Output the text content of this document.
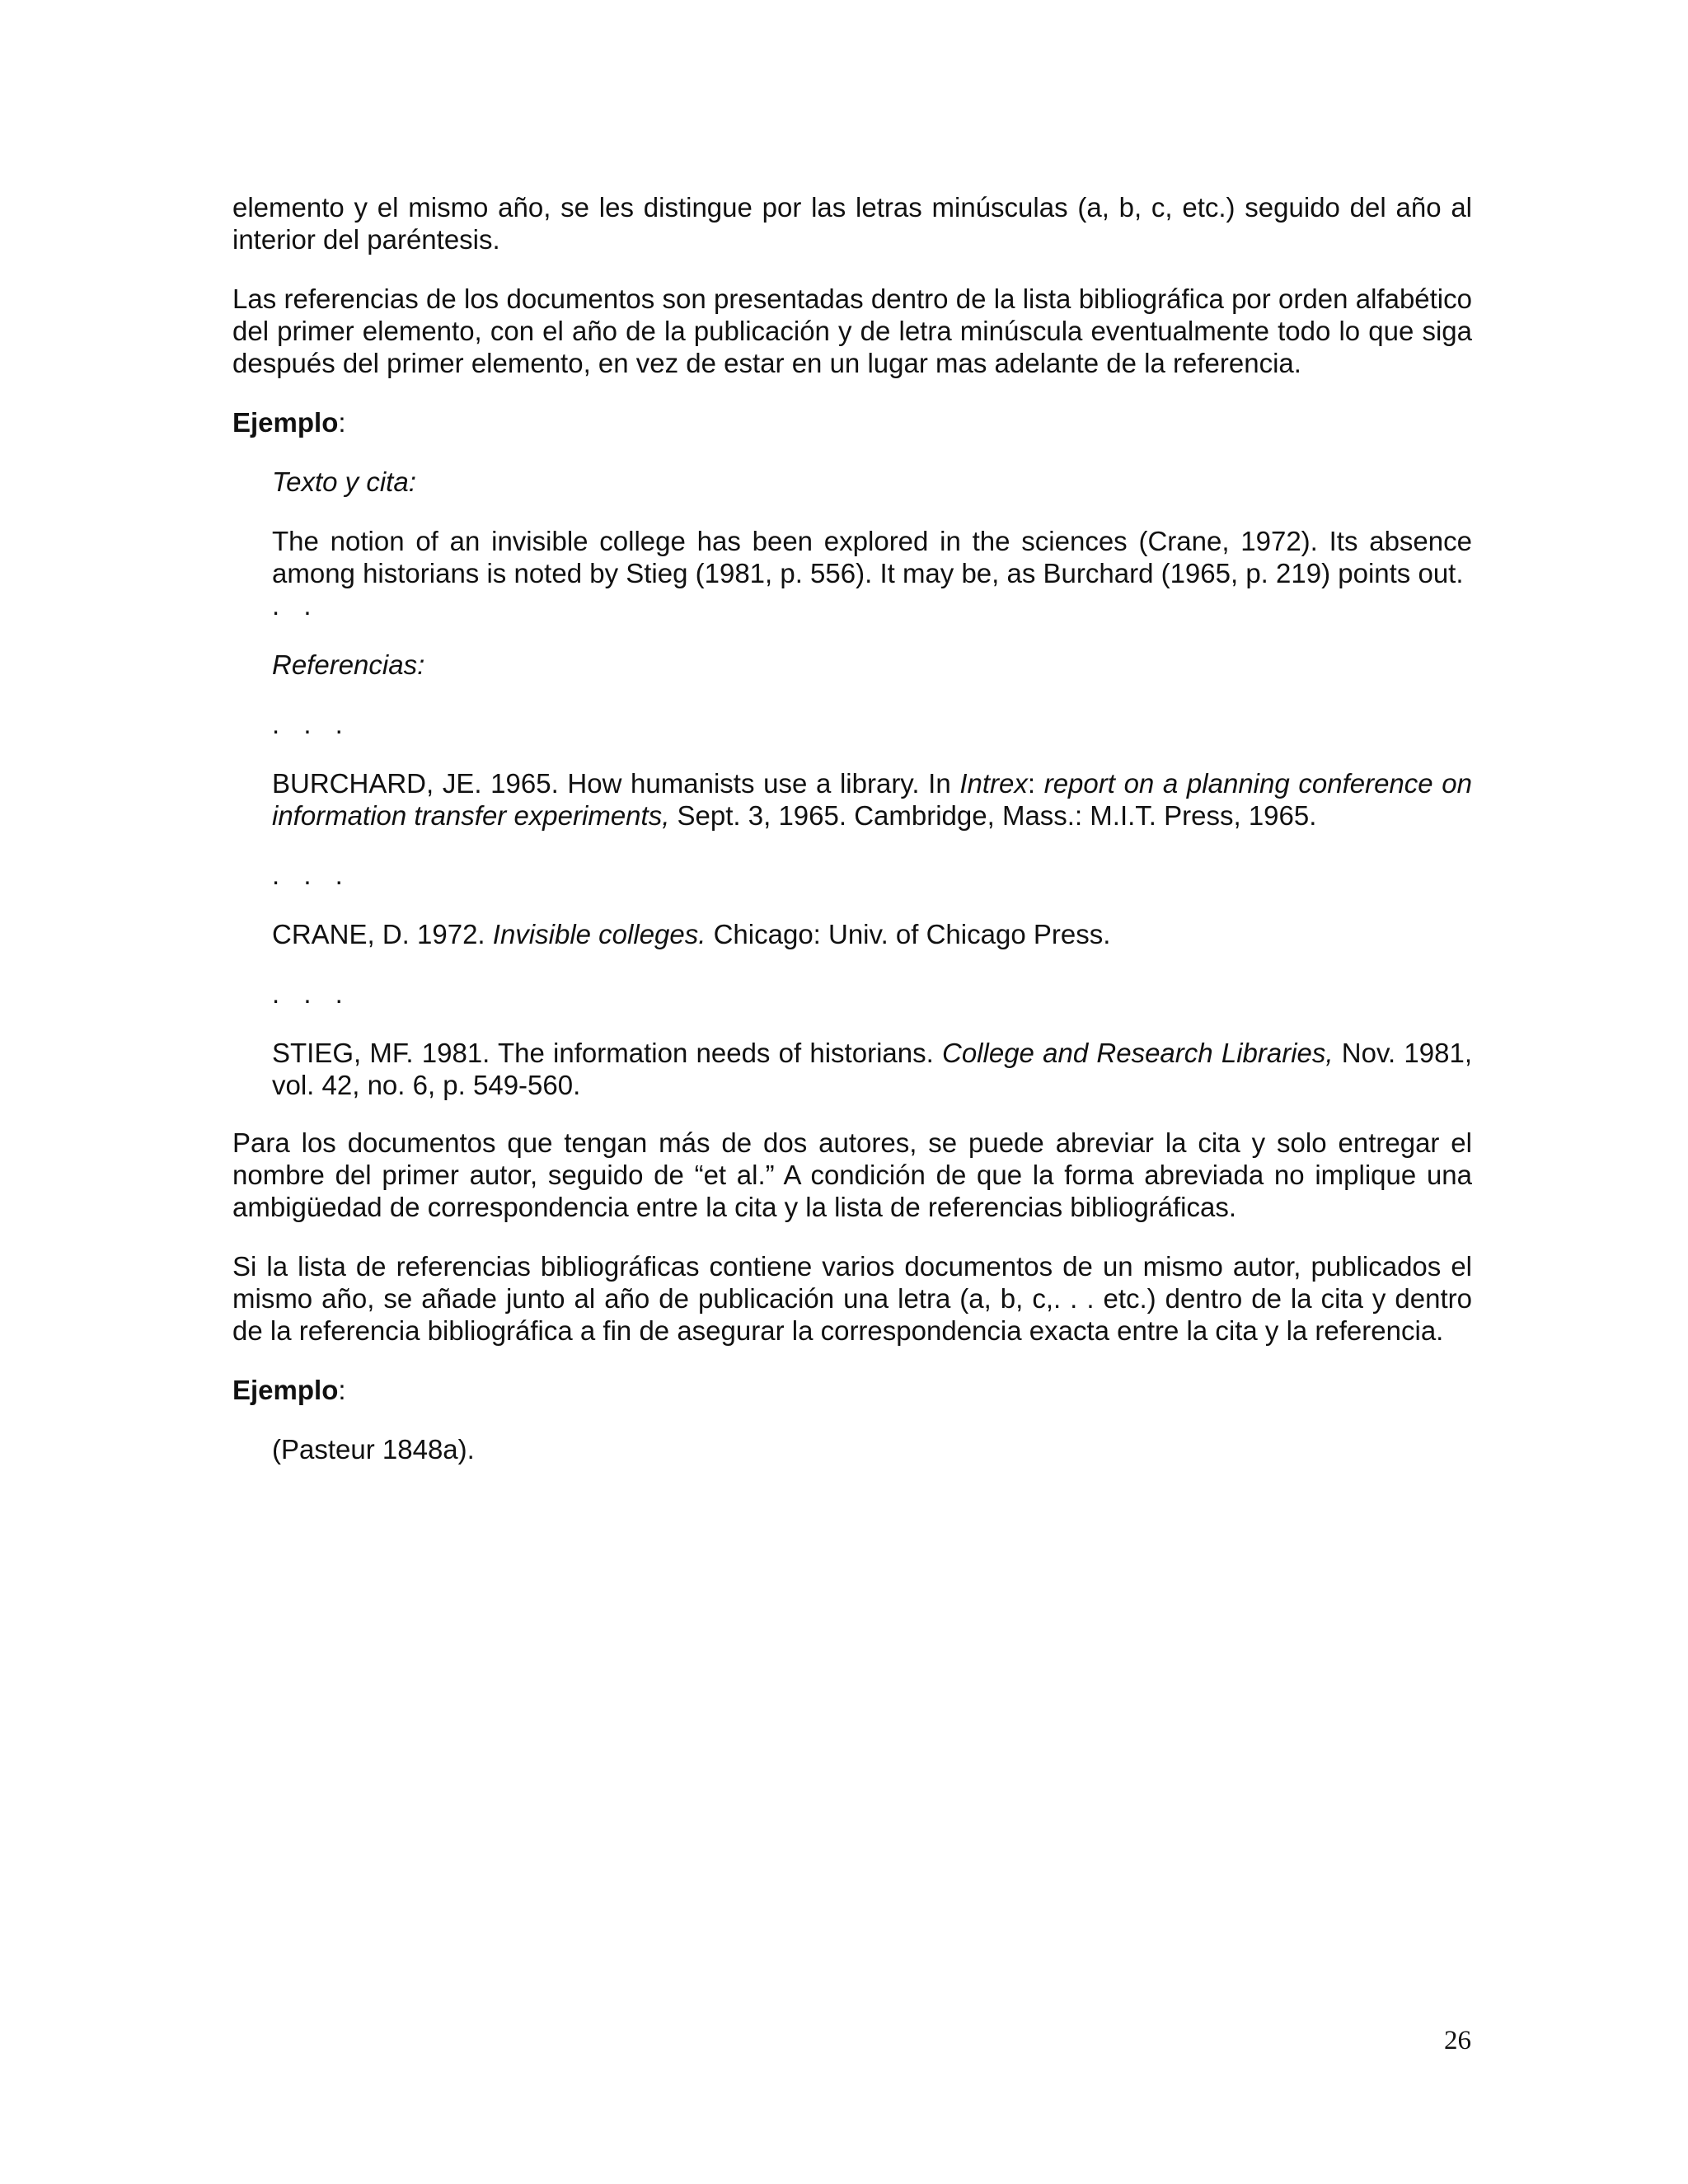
elemento y el mismo año, se les distingue por las letras minúsculas (a, b, c, etc.) seguido del año al interior del paréntesis.

Las referencias de los documentos son presentadas dentro de la lista bibliográfica por orden alfabético del primer elemento, con el año de la publicación y de letra minúscula eventualmente todo lo que siga después del primer elemento, en vez de estar en un lugar mas adelante de la referencia.

Ejemplo:

Texto y cita:

The notion of an invisible college has been explored in the sciences (Crane, 1972). Its absence among historians is noted by Stieg (1981, p. 556). It may be, as Burchard (1965, p. 219) points out.
. .

Referencias:

. . .

BURCHARD, JE. 1965. How humanists use a library. In Intrex: report on a planning conference on information transfer experiments, Sept. 3, 1965. Cambridge, Mass.: M.I.T. Press, 1965.

. . .

CRANE, D. 1972. Invisible colleges. Chicago: Univ. of Chicago Press.

. . .

STIEG, MF. 1981. The information needs of historians. College and Research Libraries, Nov. 1981, vol. 42, no. 6, p. 549-560.

Para los documentos que tengan más de dos autores, se puede abreviar la cita y solo entregar el nombre del primer autor, seguido de “et al.” A condición de que la forma abreviada no implique una ambigüedad de correspondencia entre la cita y la lista de referencias bibliográficas.

Si la lista de referencias bibliográficas contiene varios documentos de un mismo autor, publicados el mismo año, se añade junto al año de publicación una letra (a, b, c,. . . etc.) dentro de la cita y dentro de la referencia bibliográfica a fin de asegurar la correspondencia exacta entre la cita y la referencia.

Ejemplo:

(Pasteur 1848a).

26
